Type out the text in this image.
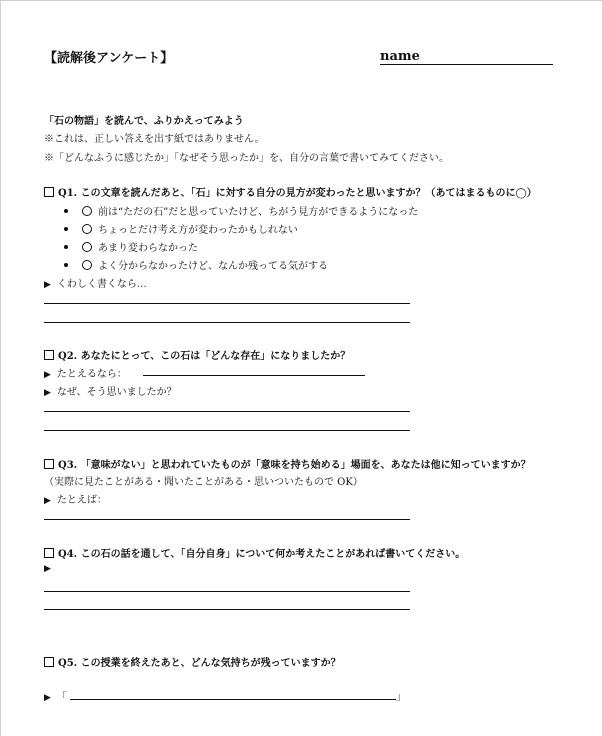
【読解後アンケート】	name
「石の物語」を読んで、ふりかえってみよう
※これは、正しい答えを出す紙ではありません。
※「どんなふうに感じたか」「なぜそう思ったか」を、自分の言葉で書いてみてください。
Q1. この文章を読んだあと、「石」に対する自分の見方が変わったと思いますか？（あてはまるものに◯）
前は“ただの石”だと思っていたけど、ちがう見方ができるようになった
ちょっとだけ考え方が変わったかもしれない
あまり変わらなかった
よく分からなかったけど、なんか残ってる気がする
▶ くわしく書くなら…
Q2. あなたにとって、この石は「どんな存在」になりましたか？
▶ たとえるなら：
▶ なぜ、そう思いましたか？
Q3. 「意味がない」と思われていたものが「意味を持ち始める」場面を、あなたは他に知っていますか？
（実際に見たことがある・聞いたことがある・思いついたもので OK）
▶ たとえば：
Q4. この石の話を通して、「自分自身」について何か考えたことがあれば書いてください。
▶
Q5. この授業を終えたあと、どんな気持ちが残っていますか？
▶ 「	」
